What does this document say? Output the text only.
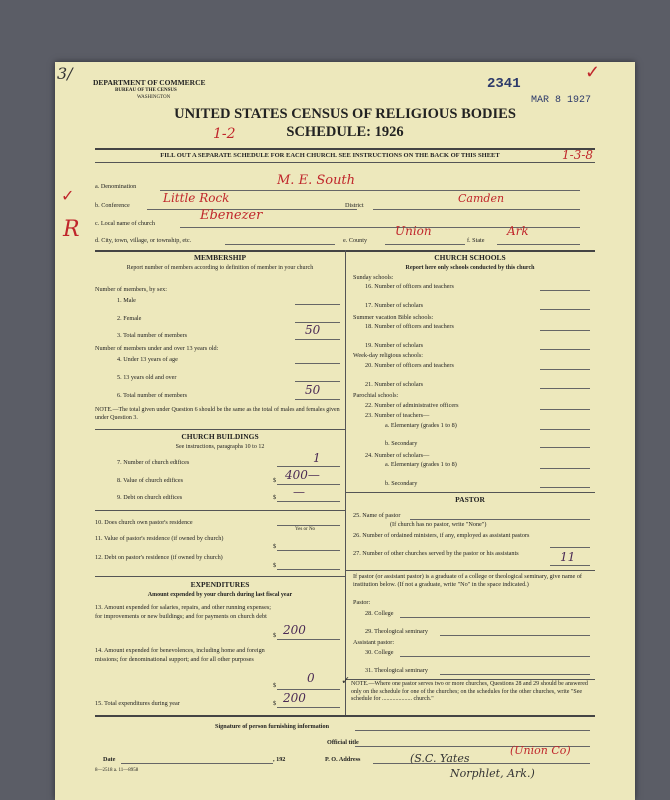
3/	DEPARTMENT OF COMMERCE
BUREAU OF THE CENSUS
WASHINGTON
2341
MAR 8 1927
✓
UNITED STATES CENSUS OF RELIGIOUS BODIES
SCHEDULE: 1926
1-2
FILL OUT A SEPARATE SCHEDULE FOR EACH CHURCH. SEE INSTRUCTIONS ON THE BACK OF THIS SHEET	1-3-8
a. Denomination	M. E. South
b. Conference
Little Rock
District
Camden
✓
c. Local name of church
Ebenezer
R d. City, town, village, or township, etc.	e. County
Union
f. State
Ark
MEMBERSHIP
Report number of members according to definition of member in your church
Number of members, by sex:
1. Male
2. Female
3. Total number of members	50
Number of members under and over 13 years old:
4. Under 13 years of age
5. 13 years old and over
6. Total number of members	50
NOTE.—The total given under Question 6 should be the same as the total of males and females given under Question 3.
CHURCH BUILDINGS
See instructions, paragraphs 10 to 12
7. Number of church edifices	1
8. Value of church edifices	$ 400—
9. Debt on church edifices	$ —
10. Does church own pastor's residence
Yes or No
11. Value of pastor's residence (if owned by church)
$
12. Debt on pastor's residence (if owned by church)
$
EXPENDITURES
Amount expended by your church during last fiscal year
13. Amount expended for salaries, repairs, and other running expenses; for improvements or new buildings; and for payments on church debt
$ 200
14. Amount expended for benevolences, including home and foreign missions; for denominational support; and for all other purposes
$
0
15. Total expenditures during year	$ 200
CHURCH SCHOOLS
Report here only schools conducted by this church
Sunday schools:
16. Number of officers and teachers
17. Number of scholars
Summer vacation Bible schools:
18. Number of officers and teachers
19. Number of scholars
Week-day religious schools:
20. Number of officers and teachers
21. Number of scholars
Parochial schools:
22. Number of administrative officers
23. Number of teachers—
a. Elementary (grades 1 to 8)
b. Secondary
24. Number of scholars—
a. Elementary (grades 1 to 8)
b. Secondary
PASTOR
25. Name of pastor
(If church has no pastor, write "None")
26. Number of ordained ministers, if any, employed as assistant pastors
27. Number of other churches served by the pastor or his assistants	11
If pastor (or assistant pastor) is a graduate of a college or theological seminary, give name of institution below. (If not a graduate, write "No" in the space indicated.)
Pastor:
28. College
29. Theological seminary
Assistant pastor:
30. College
31. Theological seminary
NOTE.—Where one pastor serves two or more churches, Questions 28 and 29 should be answered only on the schedule for one of the churches; on the schedules for the other churches, write "See schedule for .................... church."
✓
Signature of person furnishing information
Official title
Date	, 192	P. O. Address
8—2518 a. 11—8958
(S.C. Yates
Norphlet, Ark.)
(Union Co)
